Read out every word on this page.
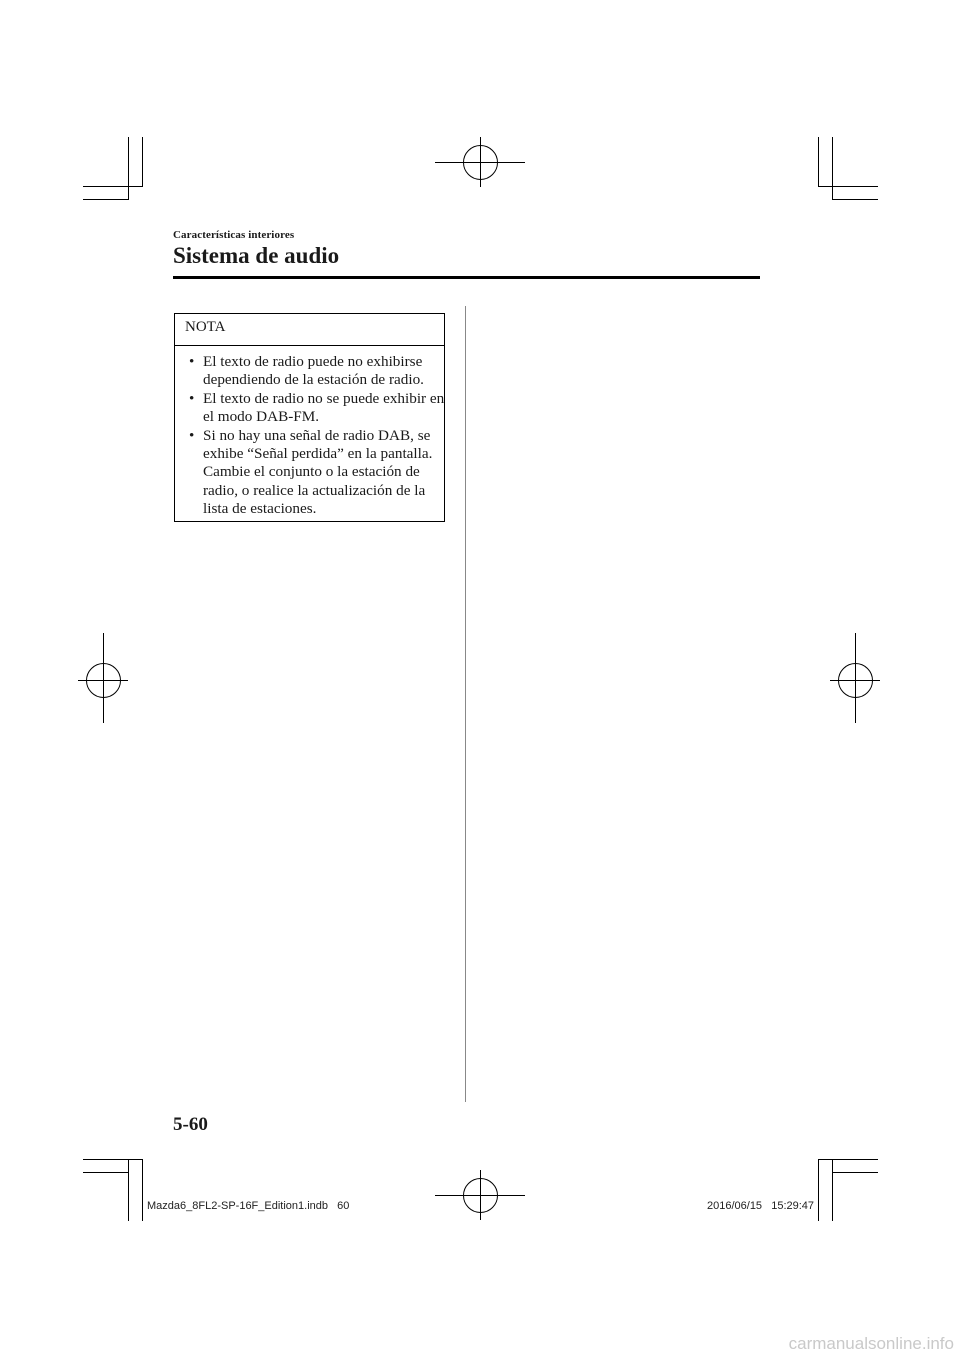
Características interiores
Sistema de audio
NOTA
• El texto de radio puede no exhibirse dependiendo de la estación de radio.
• El texto de radio no se puede exhibir en el modo DAB-FM.
• Si no hay una señal de radio DAB, se exhibe “Señal perdida” en la pantalla. Cambie el conjunto o la estación de radio, o realice la actualización de la lista de estaciones.
5-60
Mazda6_8FL2-SP-16F_Edition1.indb   60	2016/06/15   15:29:47
carmanualsonline.info
